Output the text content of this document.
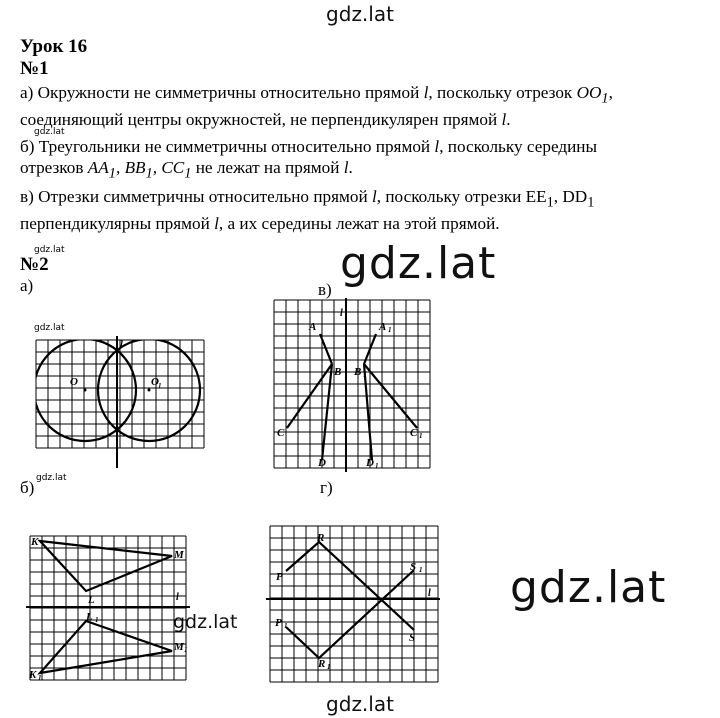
gdz.lat
gdz.lat
gdz.lat
gdz.lat
gdz.lat
gdz.lat
gdz.lat
gdz.lat
gdz.lat
Урок 16
№1
а) Окружности не симметричны относительно прямой l, поскольку отрезок $OO_1$,
соединяющий центры окружностей, не перпендикулярен прямой l.
б) Треугольники не симметричны относительно прямой l, поскольку середины
отрезков $AA_1$, $BB_1$, $CC_1$ не лежат на прямой l.
в) Отрезки симметричны относительно прямой l, поскольку отрезки $EE_1$, $DD_1$
перпендикулярны прямой l, а их середины лежат на этой прямой.
№2
а)	в)
б)	г)
O	O 1
l
A	A 1
B B 1
C	C 1
D	D 1
l
K
M
L
L 1
M 1
K 1
l
R
R 1
P
P 1
S
S 1
l
